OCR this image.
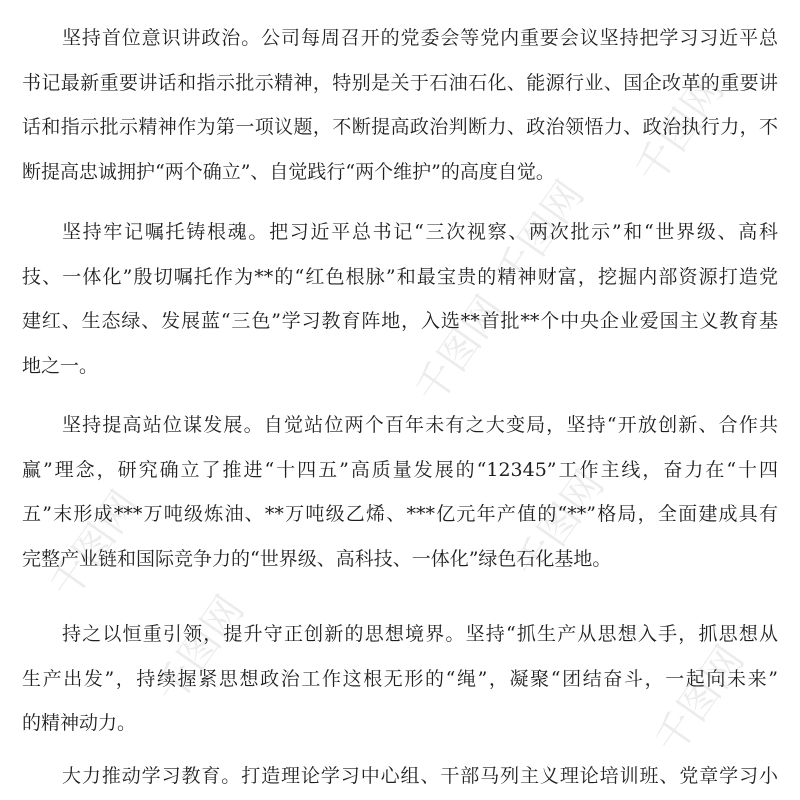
千图网
千图网
千图网
千图网
千图网
千图网
千图网
坚持首位意识讲政治。公司每周召开的党委会等党内重要会议坚持把学习习近平总
书记最新重要讲话和指示批示精神，特别是关于石油石化、能源行业、国企改革的重要讲
话和指示批示精神作为第一项议题，不断提高政治判断力、政治领悟力、政治执行力，不
断提高忠诚拥护“两个确立”、自觉践行“两个维护”的高度自觉。
坚持牢记嘱托铸根魂。把习近平总书记“三次视察、两次批示”和“世界级、高科
技、一体化”殷切嘱托作为**的“红色根脉”和最宝贵的精神财富，挖掘内部资源打造党
建红、生态绿、发展蓝“三色”学习教育阵地，入选**首批**个中央企业爱国主义教育基
地之一。
坚持提高站位谋发展。自觉站位两个百年未有之大变局，坚持“开放创新、合作共
赢”理念，研究确立了推进“十四五”高质量发展的“12345”工作主线，奋力在“十四
五”末形成***万吨级炼油、**万吨级乙烯、***亿元年产值的“**”格局，全面建成具有
完整产业链和国际竞争力的“世界级、高科技、一体化”绿色石化基地。
持之以恒重引领，提升守正创新的思想境界。坚持“抓生产从思想入手，抓思想从
生产出发”，持续握紧思想政治工作这根无形的“绳”，凝聚“团结奋斗，一起向未来”
的精神动力。
大力推动学习教育。打造理论学习中心组、干部马列主义理论培训班、党章学习小
